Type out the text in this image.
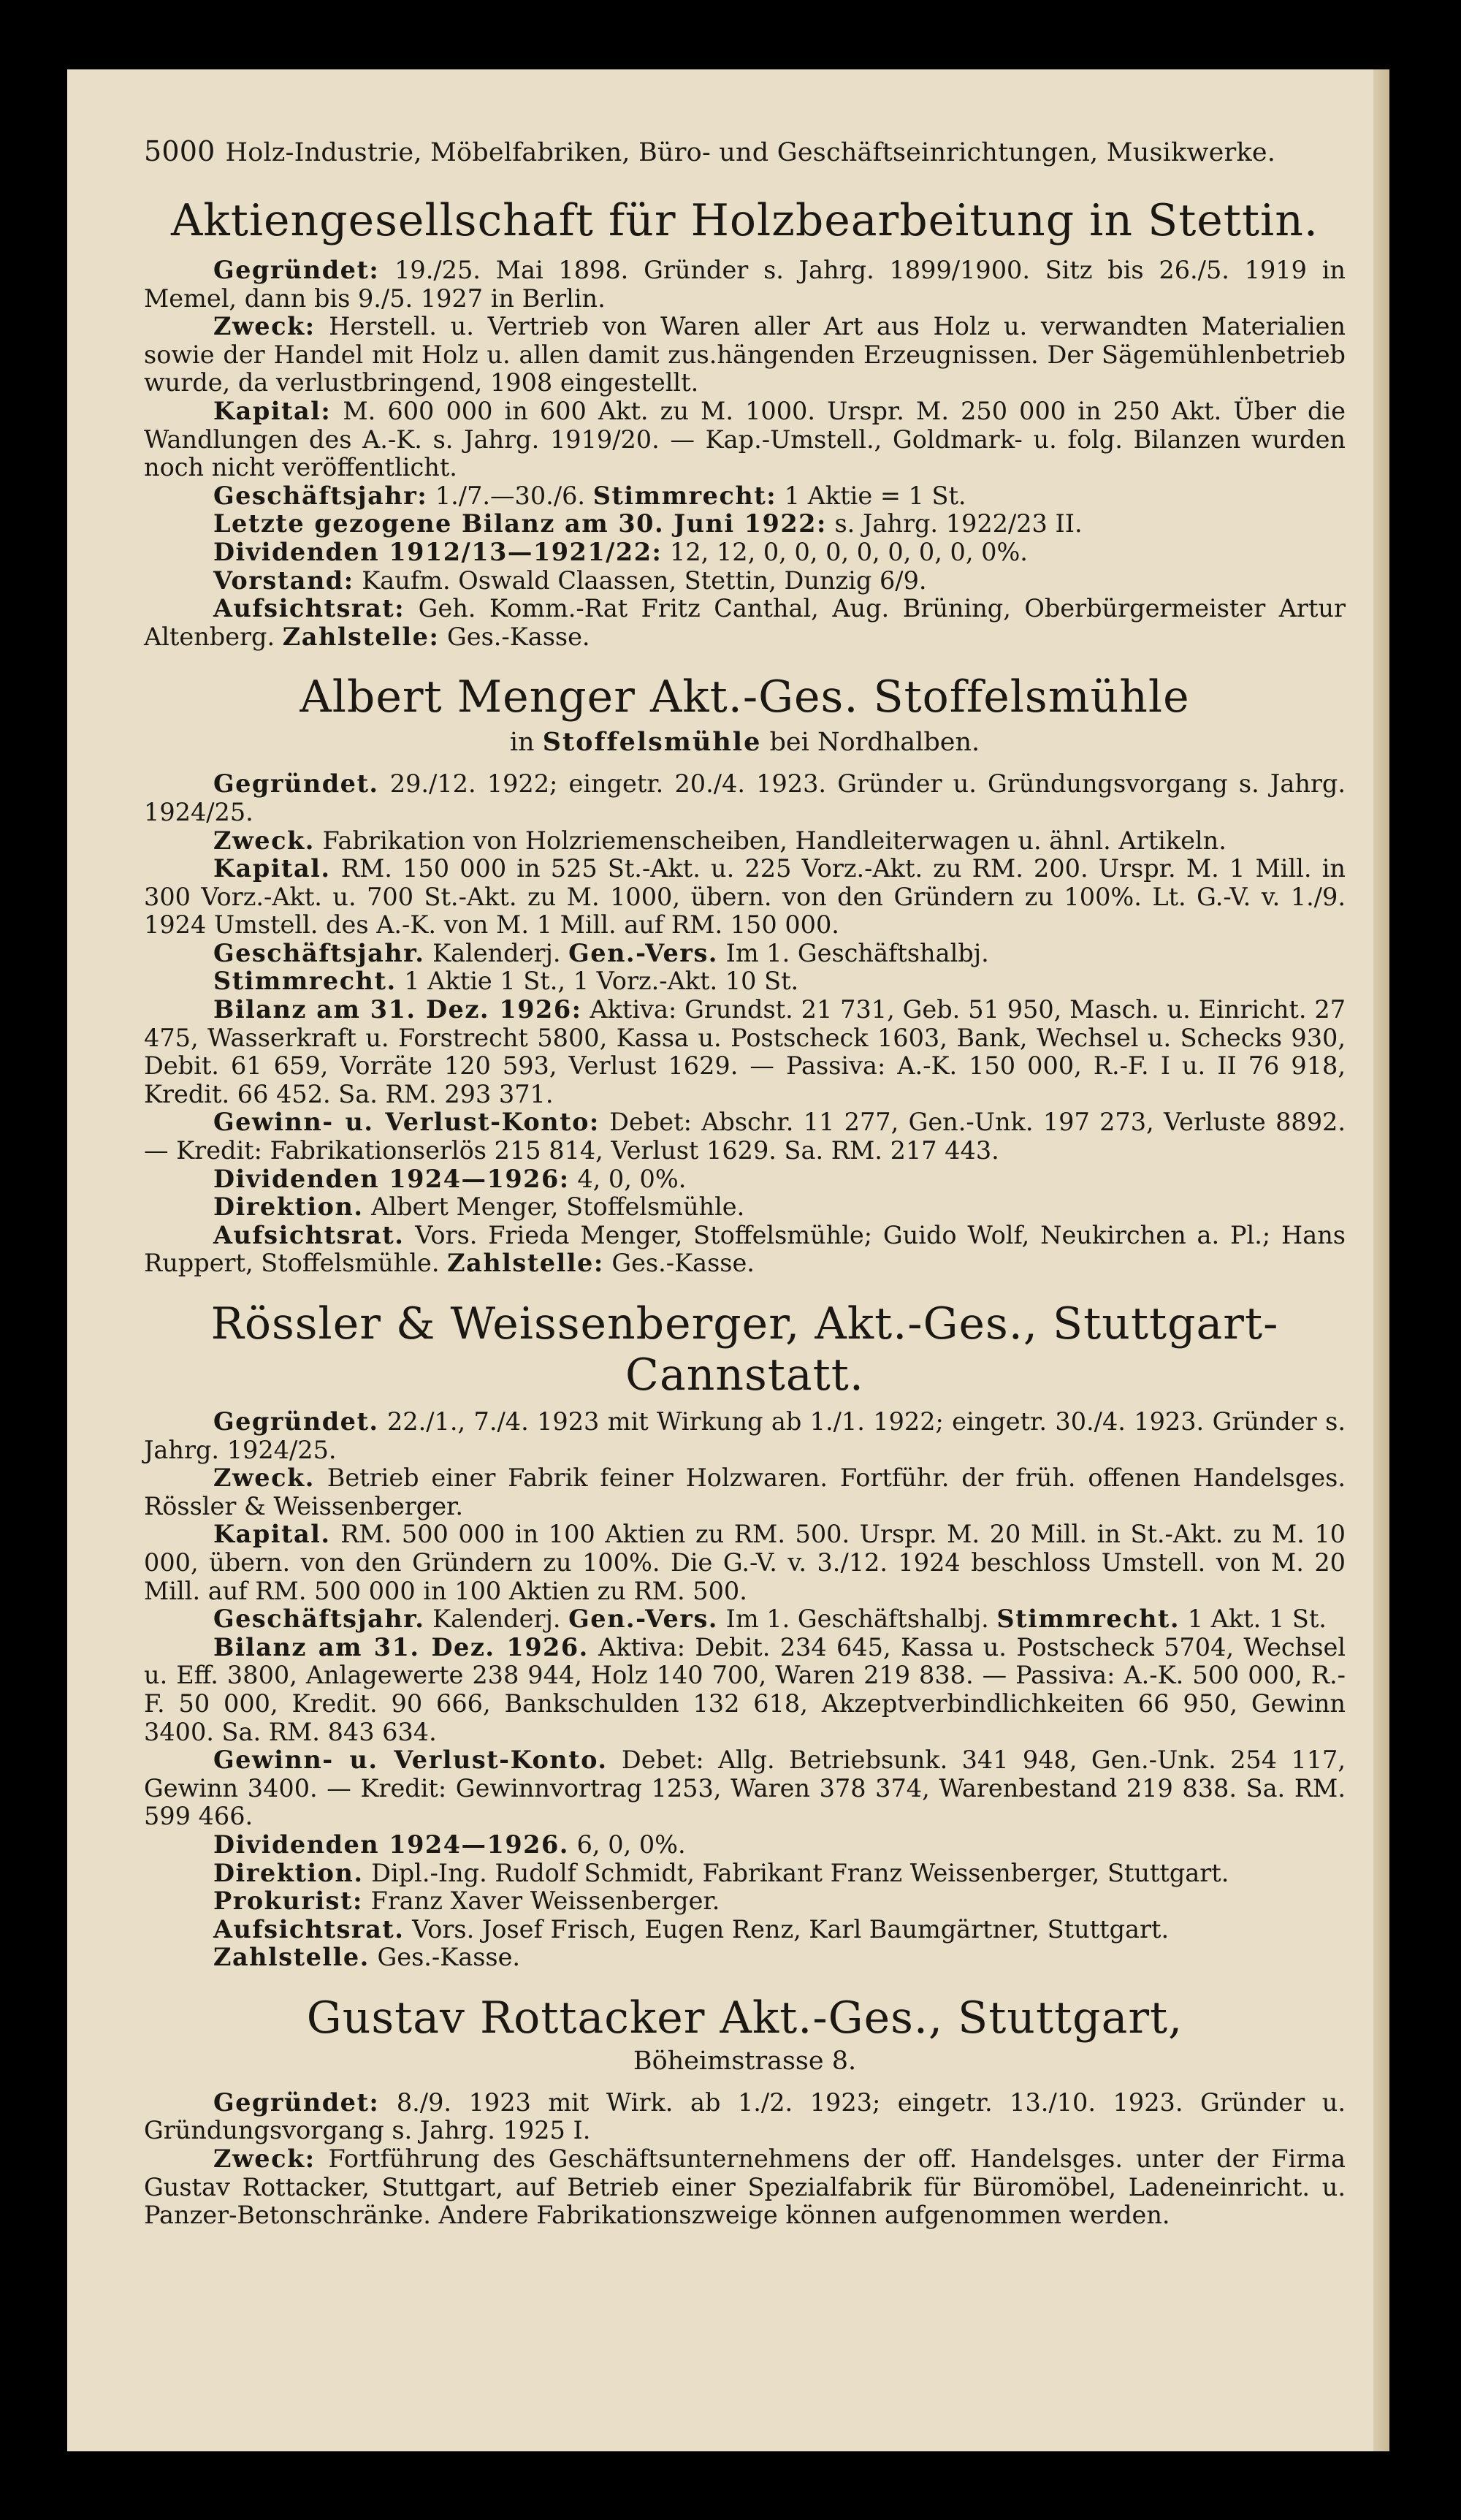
5000 Holz-Industrie, Möbelfabriken, Büro- und Geschäftseinrichtungen, Musikwerke.
Aktiengesellschaft für Holzbearbeitung in Stettin.

Gegründet: 19./25. Mai 1898. Gründer s. Jahrg. 1899/1900. Sitz bis 26./5. 1919 in Memel, dann bis 9./5. 1927 in Berlin.

Zweck: Herstell. u. Vertrieb von Waren aller Art aus Holz u. verwandten Materialien sowie der Handel mit Holz u. allen damit zus.hängenden Erzeugnissen. Der Sägemühlenbetrieb wurde, da verlustbringend, 1908 eingestellt.

Kapital: M. 600 000 in 600 Akt. zu M. 1000. Urspr. M. 250 000 in 250 Akt. Über die Wandlungen des A.-K. s. Jahrg. 1919/20. — Kap.-Umstell., Goldmark- u. folg. Bilanzen wurden noch nicht veröffentlicht.

Geschäftsjahr: 1./7.—30./6. Stimmrecht: 1 Aktie = 1 St.

Letzte gezogene Bilanz am 30. Juni 1922: s. Jahrg. 1922/23 II.

Dividenden 1912/13—1921/22: 12, 12, 0, 0, 0, 0, 0, 0, 0, 0%.

Vorstand: Kaufm. Oswald Claassen, Stettin, Dunzig 6/9.

Aufsichtsrat: Geh. Komm.-Rat Fritz Canthal, Aug. Brüning, Oberbürgermeister Artur Altenberg. Zahlstelle: Ges.-Kasse.

Albert Menger Akt.-Ges. Stoffelsmühle
in Stoffelsmühle bei Nordhalben.

Gegründet. 29./12. 1922; eingetr. 20./4. 1923. Gründer u. Gründungsvorgang s. Jahrg. 1924/25.

Zweck. Fabrikation von Holzriemenscheiben, Handleiterwagen u. ähnl. Artikeln.

Kapital. RM. 150 000 in 525 St.-Akt. u. 225 Vorz.-Akt. zu RM. 200. Urspr. M. 1 Mill. in 300 Vorz.-Akt. u. 700 St.-Akt. zu M. 1000, übern. von den Gründern zu 100%. Lt. G.-V. v. 1./9. 1924 Umstell. des A.-K. von M. 1 Mill. auf RM. 150 000.

Geschäftsjahr. Kalenderj. Gen.-Vers. Im 1. Geschäftshalbj.

Stimmrecht. 1 Aktie 1 St., 1 Vorz.-Akt. 10 St.

Bilanz am 31. Dez. 1926: Aktiva: Grundst. 21 731, Geb. 51 950, Masch. u. Einricht. 27 475, Wasserkraft u. Forstrecht 5800, Kassa u. Postscheck 1603, Bank, Wechsel u. Schecks 930, Debit. 61 659, Vorräte 120 593, Verlust 1629. — Passiva: A.-K. 150 000, R.-F. I u. II 76 918, Kredit. 66 452. Sa. RM. 293 371.

Gewinn- u. Verlust-Konto: Debet: Abschr. 11 277, Gen.-Unk. 197 273, Verluste 8892. — Kredit: Fabrikationserlös 215 814, Verlust 1629. Sa. RM. 217 443.

Dividenden 1924—1926: 4, 0, 0%.

Direktion. Albert Menger, Stoffelsmühle.

Aufsichtsrat. Vors. Frieda Menger, Stoffelsmühle; Guido Wolf, Neukirchen a. Pl.; Hans Ruppert, Stoffelsmühle. Zahlstelle: Ges.-Kasse.

Rössler & Weissenberger, Akt.-Ges., Stuttgart-Cannstatt.

Gegründet. 22./1., 7./4. 1923 mit Wirkung ab 1./1. 1922; eingetr. 30./4. 1923. Gründer s. Jahrg. 1924/25.

Zweck. Betrieb einer Fabrik feiner Holzwaren. Fortführ. der früh. offenen Handelsges. Rössler & Weissenberger.

Kapital. RM. 500 000 in 100 Aktien zu RM. 500. Urspr. M. 20 Mill. in St.-Akt. zu M. 10 000, übern. von den Gründern zu 100%. Die G.-V. v. 3./12. 1924 beschloss Umstell. von M. 20 Mill. auf RM. 500 000 in 100 Aktien zu RM. 500.

Geschäftsjahr. Kalenderj. Gen.-Vers. Im 1. Geschäftshalbj. Stimmrecht. 1 Akt. 1 St.

Bilanz am 31. Dez. 1926. Aktiva: Debit. 234 645, Kassa u. Postscheck 5704, Wechsel u. Eff. 3800, Anlagewerte 238 944, Holz 140 700, Waren 219 838. — Passiva: A.-K. 500 000, R.-F. 50 000, Kredit. 90 666, Bankschulden 132 618, Akzeptverbindlichkeiten 66 950, Gewinn 3400. Sa. RM. 843 634.

Gewinn- u. Verlust-Konto. Debet: Allg. Betriebsunk. 341 948, Gen.-Unk. 254 117, Gewinn 3400. — Kredit: Gewinnvortrag 1253, Waren 378 374, Warenbestand 219 838. Sa. RM. 599 466.

Dividenden 1924—1926. 6, 0, 0%.

Direktion. Dipl.-Ing. Rudolf Schmidt, Fabrikant Franz Weissenberger, Stuttgart.

Prokurist: Franz Xaver Weissenberger.

Aufsichtsrat. Vors. Josef Frisch, Eugen Renz, Karl Baumgärtner, Stuttgart.

Zahlstelle. Ges.-Kasse.

Gustav Rottacker Akt.-Ges., Stuttgart,
Böheimstrasse 8.

Gegründet: 8./9. 1923 mit Wirk. ab 1./2. 1923; eingetr. 13./10. 1923. Gründer u. Gründungsvorgang s. Jahrg. 1925 I.

Zweck: Fortführung des Geschäftsunternehmens der off. Handelsges. unter der Firma Gustav Rottacker, Stuttgart, auf Betrieb einer Spezialfabrik für Büromöbel, Ladeneinricht. u. Panzer-Betonschränke. Andere Fabrikationszweige können aufgenommen werden.
